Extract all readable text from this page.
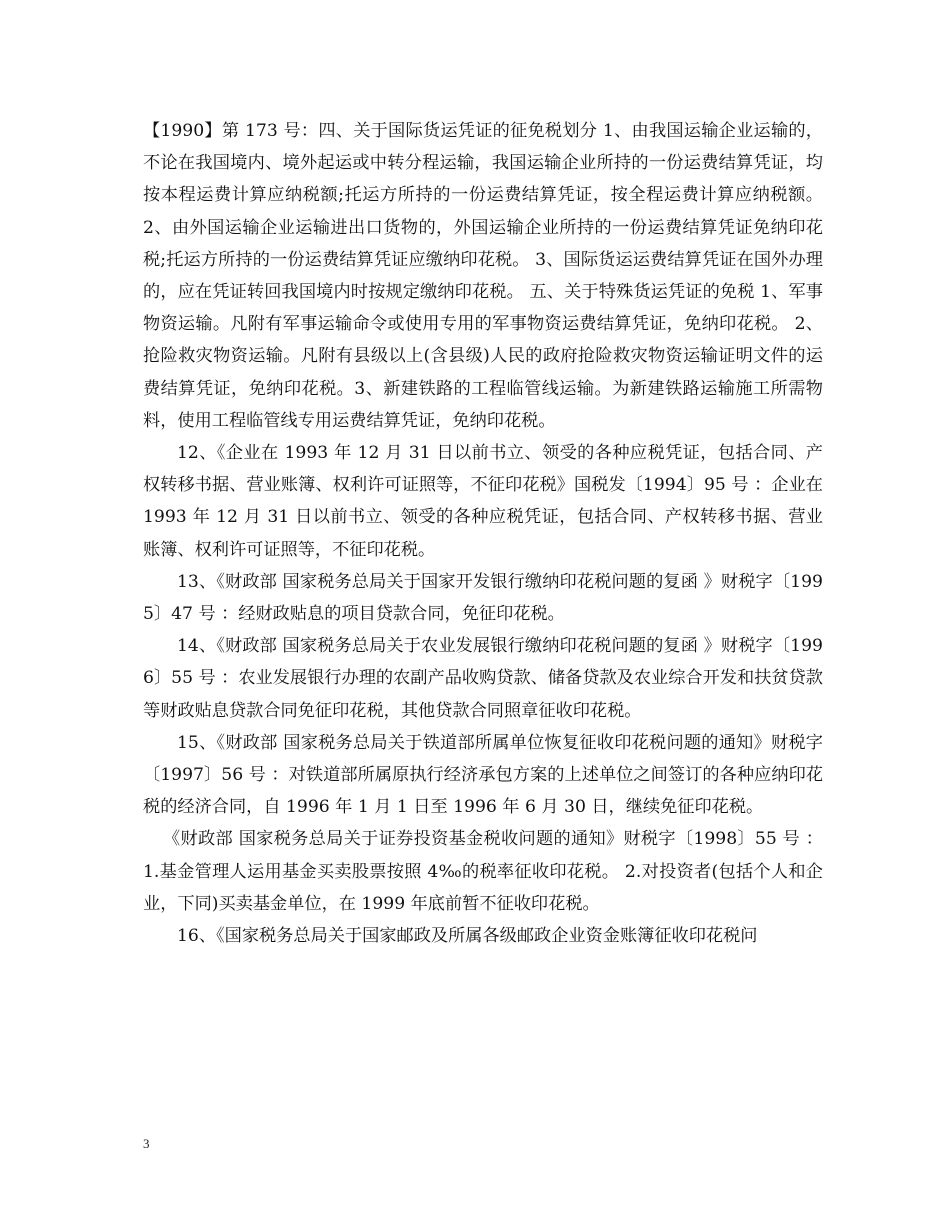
【1990】第 173 号：四、关于国际货运凭证的征免税划分 1、由我国运输企业运输的，不论在我国境内、境外起运或中转分程运输，我国运输企业所持的一份运费结算凭证，均按本程运费计算应纳税额;托运方所持的一份运费结算凭证，按全程运费计算应纳税额。 2、由外国运输企业运输进出口货物的，外国运输企业所持的一份运费结算凭证免纳印花税;托运方所持的一份运费结算凭证应缴纳印花税。 3、国际货运运费结算凭证在国外办理的，应在凭证转回我国境内时按规定缴纳印花税。 五、关于特殊货运凭证的免税 1、军事物资运输。凡附有军事运输命令或使用专用的军事物资运费结算凭证，免纳印花税。 2、抢险救灾物资运输。凡附有县级以上(含县级)人民的政府抢险救灾物资运输证明文件的运费结算凭证，免纳印花税。3、新建铁路的工程临管线运输。为新建铁路运输施工所需物料，使用工程临管线专用运费结算凭证，免纳印花税。

12、《企业在 1993 年 12 月 31 日以前书立、领受的各种应税凭证，包括合同、产权转移书据、营业账簿、权利许可证照等，不征印花税》国税发〔1994〕95 号 ：企业在 1993 年 12 月 31 日以前书立、领受的各种应税凭证，包括合同、产权转移书据、营业账簿、权利许可证照等，不征印花税。

13、《财政部 国家税务总局关于国家开发银行缴纳印花税问题的复函 》财税字〔1995〕47 号 ：经财政贴息的项目贷款合同，免征印花税。

14、《财政部 国家税务总局关于农业发展银行缴纳印花税问题的复函 》财税字〔1996〕55 号 ：农业发展银行办理的农副产品收购贷款、储备贷款及农业综合开发和扶贫贷款等财政贴息贷款合同免征印花税，其他贷款合同照章征收印花税。

15、《财政部 国家税务总局关于铁道部所属单位恢复征收印花税问题的通知》财税字〔1997〕56 号 ：对铁道部所属原执行经济承包方案的上述单位之间签订的各种应纳印花税的经济合同，自 1996 年 1 月 1 日至 1996 年 6 月 30 日，继续免征印花税。

《财政部 国家税务总局关于证券投资基金税收问题的通知》财税字〔1998〕55 号 ：1.基金管理人运用基金买卖股票按照 4‰的税率征收印花税。 2.对投资者(包括个人和企业，下同)买卖基金单位，在 1999 年底前暂不征收印花税。

16、《国家税务总局关于国家邮政及所属各级邮政企业资金账簿征收印花税问

3
